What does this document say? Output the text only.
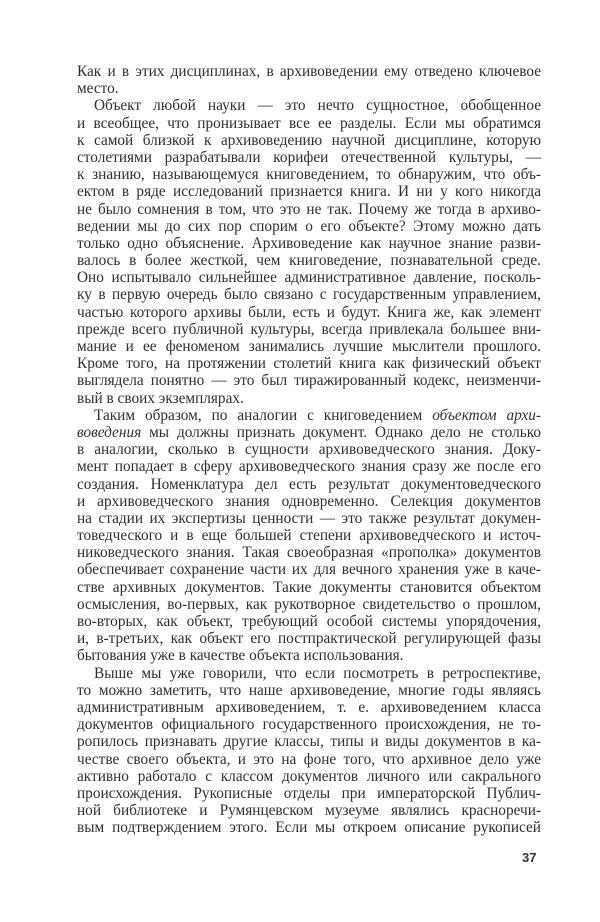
Как и в этих дисциплинах, в архивоведении ему отведено ключевое
место.
Объект любой науки — это нечто сущностное, обобщенное
и всеобщее, что пронизывает все ее разделы. Если мы обратимся
к самой близкой к архивоведению научной дисциплине, которую
столетиями разрабатывали корифеи отечественной культуры, —
к знанию, называющемуся книговедением, то обнаружим, что объ-
ектом в ряде исследований признается книга. И ни у кого никогда
не было сомнения в том, что это не так. Почему же тогда в архиво-
ведении мы до сих пор спорим о его объекте? Этому можно дать
только одно объяснение. Архивоведение как научное знание разви-
валось в более жесткой, чем книговедение, познавательной среде.
Оно испытывало сильнейшее административное давление, посколь-
ку в первую очередь было связано с государственным управлением,
частью которого архивы были, есть и будут. Книга же, как элемент
прежде всего публичной культуры, всегда привлекала большее вни-
мание и ее феноменом занимались лучшие мыслители прошлого.
Кроме того, на протяжении столетий книга как физический объект
выглядела понятно — это был тиражированный кодекс, неизменчи-
вый в своих экземплярах.
Таким образом, по аналогии с книговедением объектом архи-
воведения мы должны признать документ. Однако дело не столько
в аналогии, сколько в сущности архивоведческого знания. Доку-
мент попадает в сферу архивоведческого знания сразу же после его
создания. Номенклатура дел есть результат документоведческого
и архивоведческого знания одновременно. Селекция документов
на стадии их экспертизы ценности — это также результат докумен-
товедческого и в еще большей степени архивоведческого и источ-
никоведческого знания. Такая своеобразная «прополка» документов
обеспечивает сохранение части их для вечного хранения уже в каче-
стве архивных документов. Такие документы становится объектом
осмысления, во-первых, как рукотворное свидетельство о прошлом,
во-вторых, как объект, требующий особой системы упорядочения,
и, в-третьих, как объект его постпрактической регулирующей фазы
бытования уже в качестве объекта использования.
Выше мы уже говорили, что если посмотреть в ретроспективе,
то можно заметить, что наше архивоведение, многие годы являясь
административным архивоведением, т. е. архивоведением класса
документов официального государственного происхождения, не то-
ропилось признавать другие классы, типы и виды документов в ка-
честве своего объекта, и это на фоне того, что архивное дело уже
активно работало с классом документов личного или сакрального
происхождения. Рукописные отделы при императорской Публич-
ной библиотеке и Румянцевском музеуме являлись красноречи-
вым подтверждением этого. Если мы откроем описание рукописей
37
